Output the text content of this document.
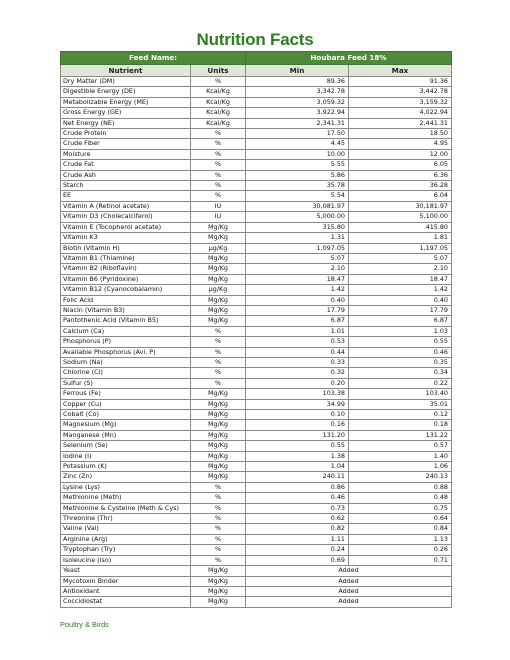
Nutrition Facts
Feed Name:		Houbara Feed 18%	
Nutrient	Units	Min	Max
Dry Matter (DM)	%	89.36	91.36
Digestible Energy (DE)	Kcal/Kg	3,342.78	3,442.78
Metabolizable Energy (ME)	Kcal/Kg	3,059.32	3,159.32
Gross Energy (GE)	Kcal/Kg	3,922.94	4,022.94
Net Energy (NE)	Kcal/Kg	2,341.31	2,441.31
Crude Protein	%	17.50	18.50
Crude Fiber	%	4.45	4.95
Moisture	%	10.00	12.00
Crude Fat	%	5.55	6.05
Crude Ash	%	5.86	6.36
Starch	%	35.78	36.28
EE	%	5.54	6.04
Vitamin A (Retinol acetate)	IU	30,081.97	30,181.97
Vitamin D3 (Cholecalciferol)	IU	5,000.00	5,100.00
Vitamin E (Tocopherol acetate)	Mg/Kg	315.80	415.80
Vitamin K3	Mg/Kg	1.31	1.81
Biotin (Vitamin H)	µg/Kg	1,097.05	1,197.05
Vitamin B1 (Thiamine)	Mg/Kg	5.07	5.07
Vitamin B2 (Riboflavin)	Mg/Kg	2.10	2.10
Vitamin B6 (Pyridoxine)	Mg/Kg	18.47	18.47
Vitamin B12 (Cyanocobalamin)	µg/Kg	1.42	1.42
Folic Acid	Mg/Kg	0.40	0.40
Niacin (Vitamin B3)	Mg/Kg	17.79	17.79
Pantothenic Acid (Vitamin B5)	Mg/Kg	6.87	6.87
Calcium (Ca)	%	1.01	1.03
Phosphorus (P)	%	0.53	0.55
Available Phosphorus (Avi. P)	%	0.44	0.46
Sodium (Na)	%	0.33	0.35
Chlorine (Cl)	%	0.32	0.34
Sulfur (S)	%	0.20	0.22
Ferrous (Fe)	Mg/Kg	103.38	103.40
Copper (Cu)	Mg/Kg	34.99	35.01
Cobalt (Co)	Mg/Kg	0.10	0.12
Magnesium (Mg)	Mg/Kg	0.16	0.18
Manganese (Mn)	Mg/Kg	131.20	131.22
Selenium (Se)	Mg/Kg	0.55	0.57
Iodine (I)	Mg/Kg	1.38	1.40
Potassium (K)	Mg/Kg	1.04	1.06
Zinc (Zn)	Mg/Kg	240.11	240.13
Lysine (Lys)	%	0.86	0.88
Methionine (Meth)	%	0.46	0.48
Methionine & Cysteine (Meth & Cys)	%	0.73	0.75
Threonine (Thr)	%	0.62	0.64
Valine (Val)	%	0.82	0.84
Arginine (Arg)	%	1.11	1.13
Tryptophan (Try)	%	0.24	0.26
Isoleucine (Iso)	%	0.69	0.71
Yeast	Mg/Kg	Added	
Mycotoxin Binder	Mg/Kg	Added	
Antioxidant	Mg/Kg	Added	
Coccidiostat	Mg/Kg	Added	
Poultry & Birds
